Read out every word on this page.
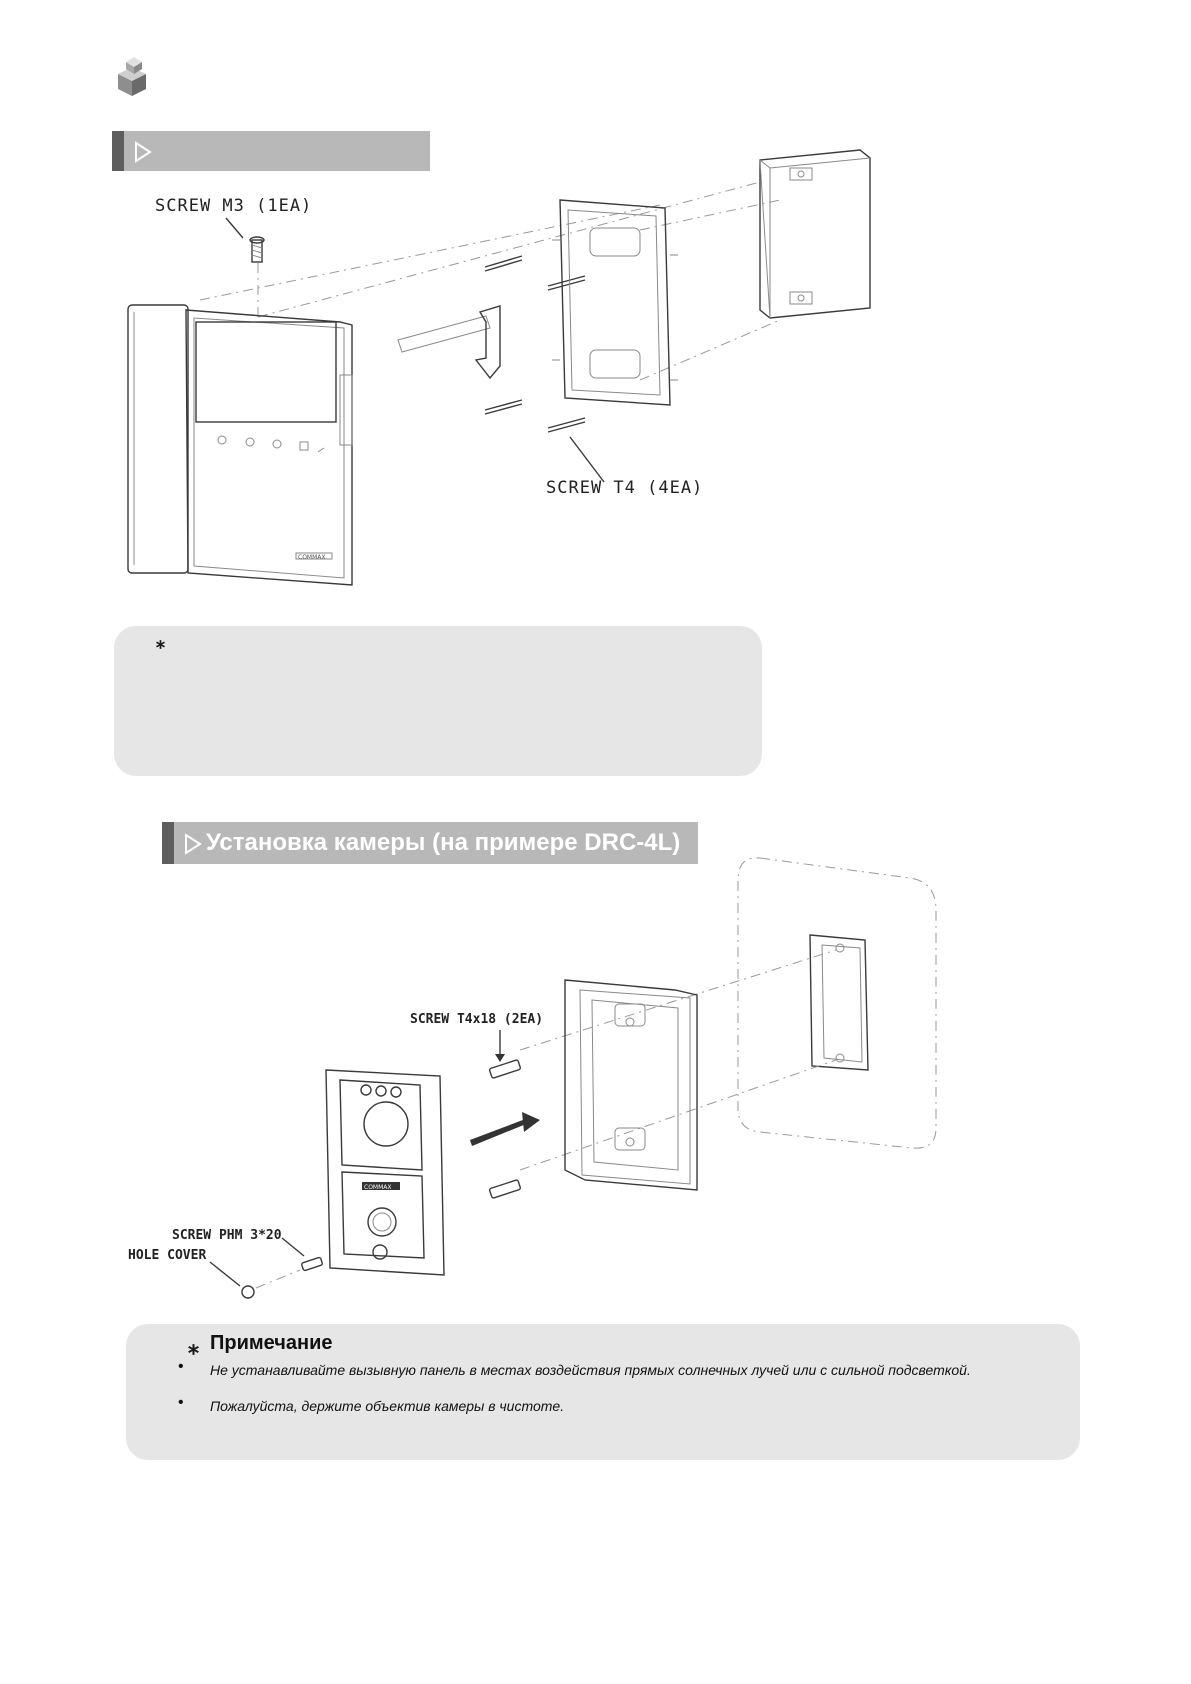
COMMAX
SCREW M3 (1EA)
SCREW T4 (4EA)
⁎
Установка камеры (на примере DRC-4L)
COMMAX
SCREW T4x18 (2EA)
SCREW PHM 3*20
HOLE COVER
⁎ Примечание
• Не устанавливайте вызывную панель в местах воздействия прямых солнечных лучей или с сильной подсветкой.
• Пожалуйста, держите объектив камеры в чистоте.
